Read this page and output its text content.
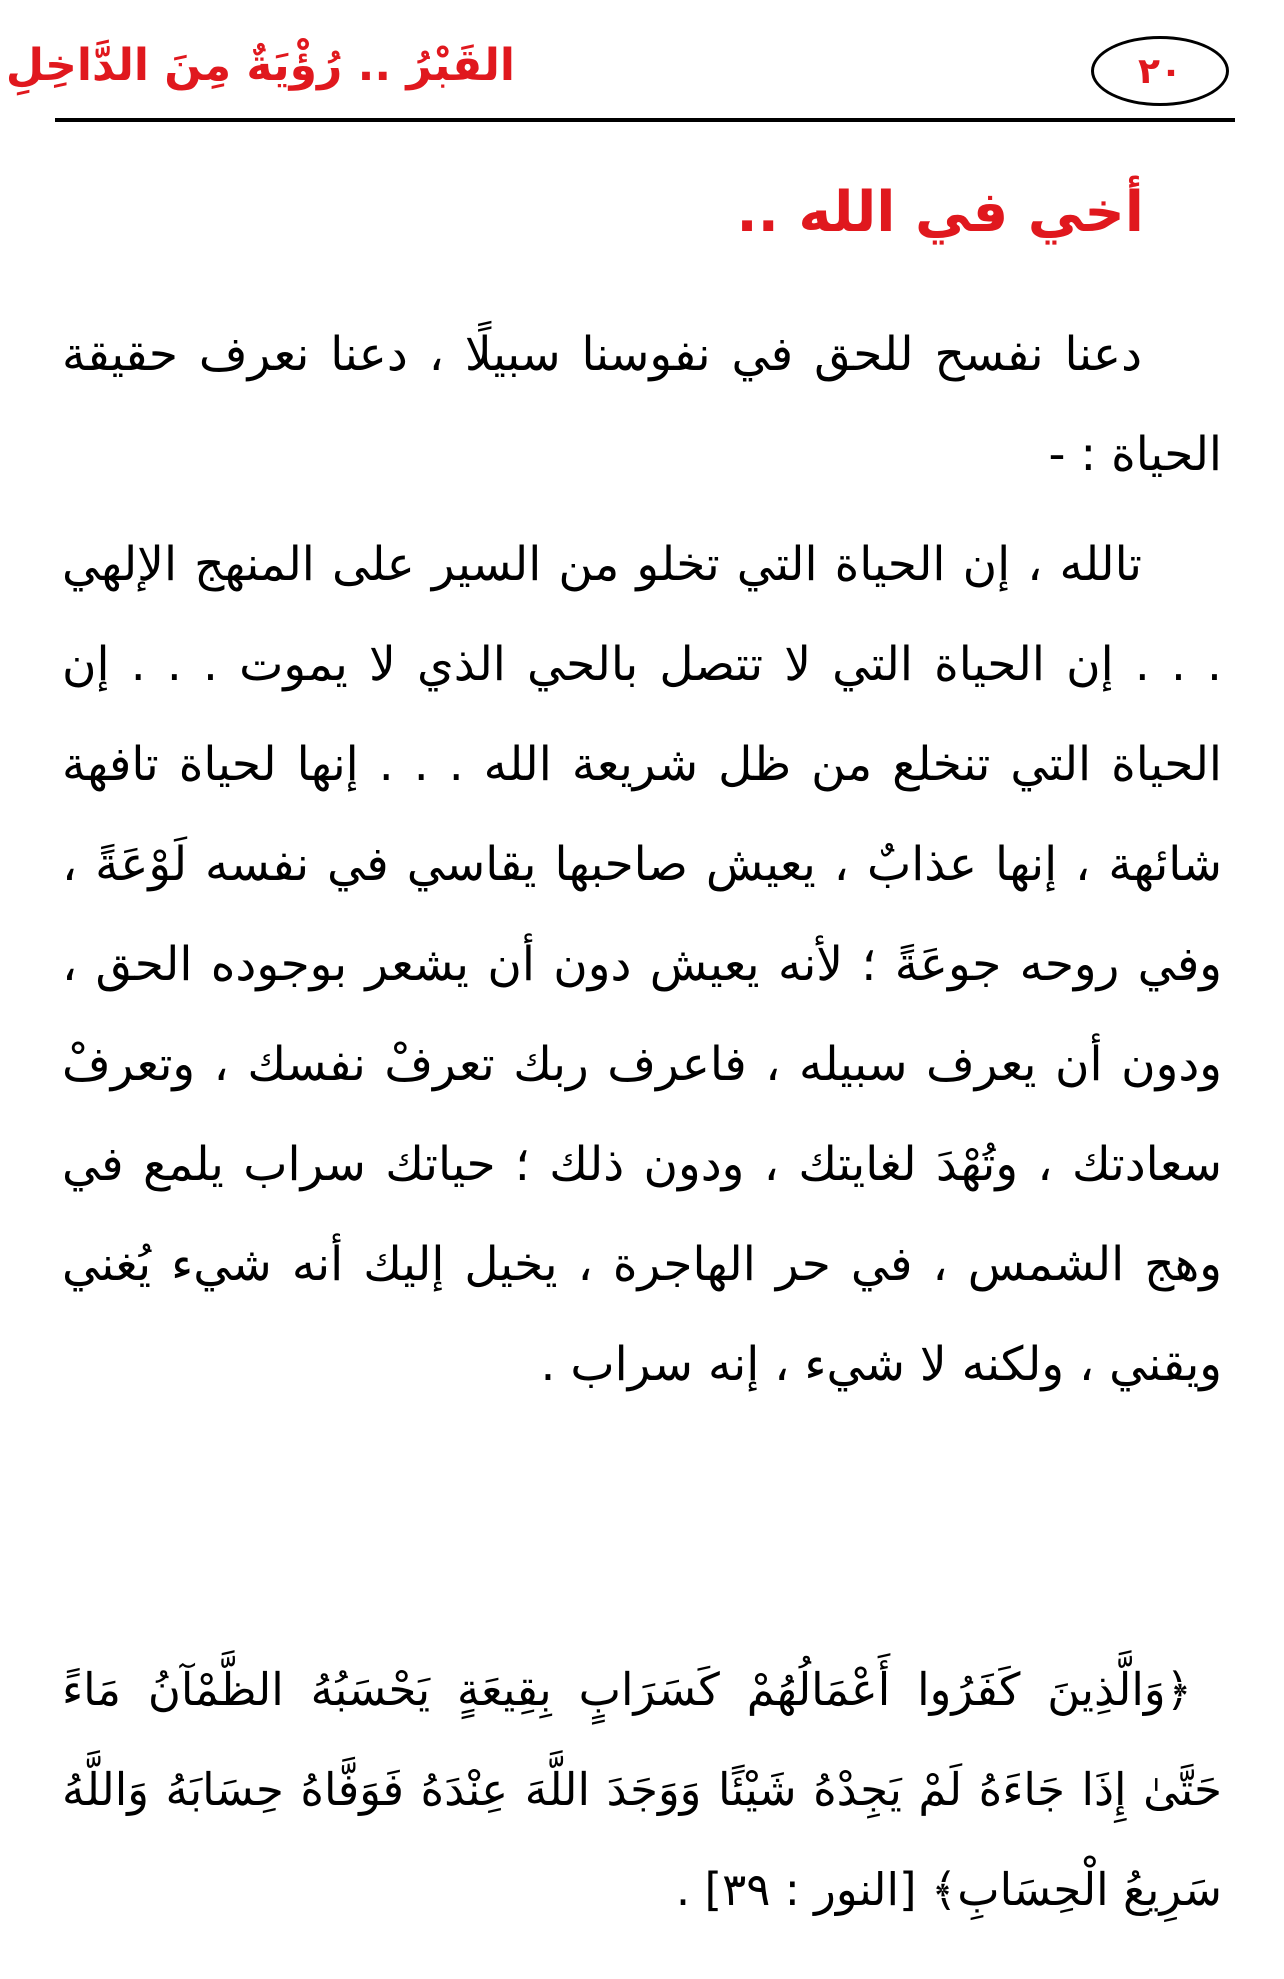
٢٠
القَبْرُ .. رُؤْيَةٌ مِنَ الدَّاخِلِ
أخي في الله ..

دعنا نفسح للحق في نفوسنا سبيلًا ، دعنا نعرف حقيقة الحياة : -

تالله ، إن الحياة التي تخلو من السير على المنهج الإلهي . . . إن الحياة التي لا تتصل بالحي الذي لا يموت . . . إن الحياة التي تنخلع من ظل شريعة الله . . . إنها لحياة تافهة شائهة ، إنها عذابٌ ، يعيش صاحبها يقاسي في نفسه لَوْعَةً ، وفي روحه جوعَةً ؛ لأنه يعيش دون أن يشعر بوجوده الحق ، ودون أن يعرف سبيله ، فاعرف ربك تعرفْ نفسك ، وتعرفْ سعادتك ، وتُهْدَ لغايتك ، ودون ذلك ؛ حياتك سراب يلمع في وهج الشمس ، في حر الهاجرة ، يخيل إليك أنه شيء يُغني ويقني ، ولكنه لا شيء ، إنه سراب .

﴿وَالَّذِينَ كَفَرُوا أَعْمَالُهُمْ كَسَرَابٍ بِقِيعَةٍ يَحْسَبُهُ الظَّمْآنُ مَاءً حَتَّىٰ إِذَا جَاءَهُ لَمْ يَجِدْهُ شَيْئًا وَوَجَدَ اللَّهَ عِنْدَهُ فَوَفَّاهُ حِسَابَهُ وَاللَّهُ سَرِيعُ الْحِسَابِ﴾ [النور : ٣٩] .
